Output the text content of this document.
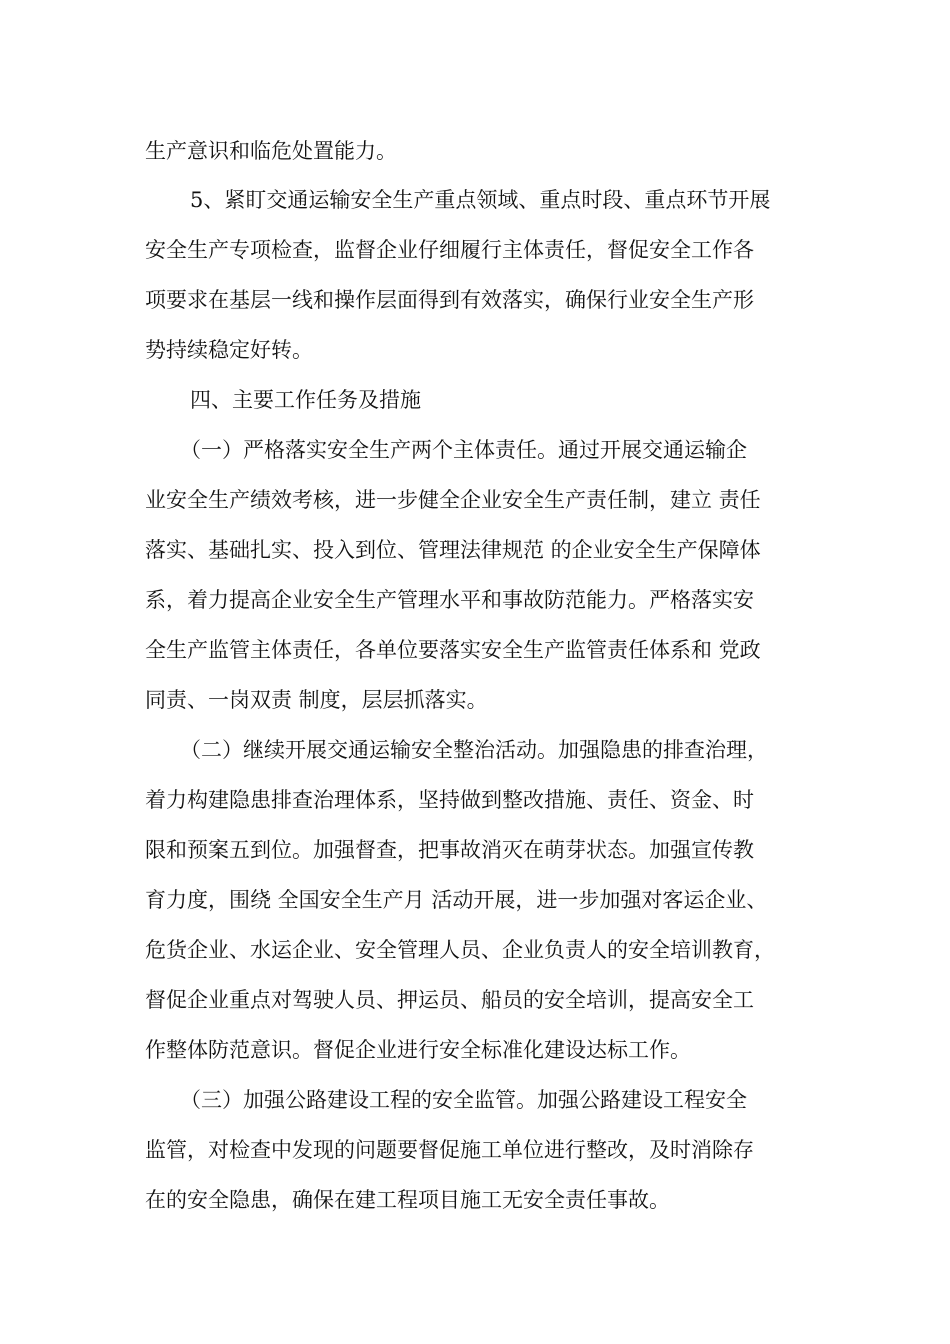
生产意识和临危处置能力。

5、紧盯交通运输安全生产重点领域、重点时段、重点环节开展

安全生产专项检查，监督企业仔细履行主体责任，督促安全工作各

项要求在基层一线和操作层面得到有效落实，确保行业安全生产形

势持续稳定好转。

四、主要工作任务及措施

（一）严格落实安全生产两个主体责任。通过开展交通运输企

业安全生产绩效考核，进一步健全企业安全生产责任制，建立 责任

落实、基础扎实、投入到位、管理法律规范 的企业安全生产保障体

系，着力提高企业安全生产管理水平和事故防范能力。严格落实安

全生产监管主体责任，各单位要落实安全生产监管责任体系和 党政

同责、一岗双责 制度，层层抓落实。

（二）继续开展交通运输安全整治活动。加强隐患的排查治理，

着力构建隐患排查治理体系，坚持做到整改措施、责任、资金、时

限和预案五到位。加强督查，把事故消灭在萌芽状态。加强宣传教

育力度，围绕 全国安全生产月 活动开展，进一步加强对客运企业、

危货企业、水运企业、安全管理人员、企业负责人的安全培训教育，

督促企业重点对驾驶人员、押运员、船员的安全培训，提高安全工

作整体防范意识。督促企业进行安全标准化建设达标工作。

（三）加强公路建设工程的安全监管。加强公路建设工程安全

监管，对检查中发现的问题要督促施工单位进行整改，及时消除存

在的安全隐患，确保在建工程项目施工无安全责任事故。
